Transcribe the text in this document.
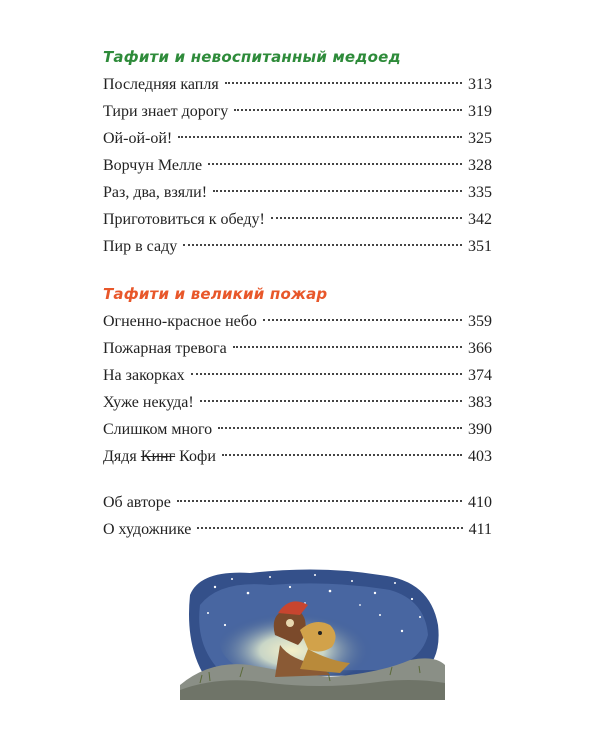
Тафити и невоспитанный медоед
Последняя капля	313
Тири знает дорогу	319
Ой-ой-ой!	325
Ворчун Мелле	328
Раз, два, взяли!	335
Приготовиться к обеду!	342
Пир в саду	351
Тафити и великий пожар
Огненно-красное небо	359
Пожарная тревога	366
На закорках	374
Хуже некуда!	383
Слишком много	390
Дядя Кинг Кофи	403
Об авторе	410
О художнике	411
